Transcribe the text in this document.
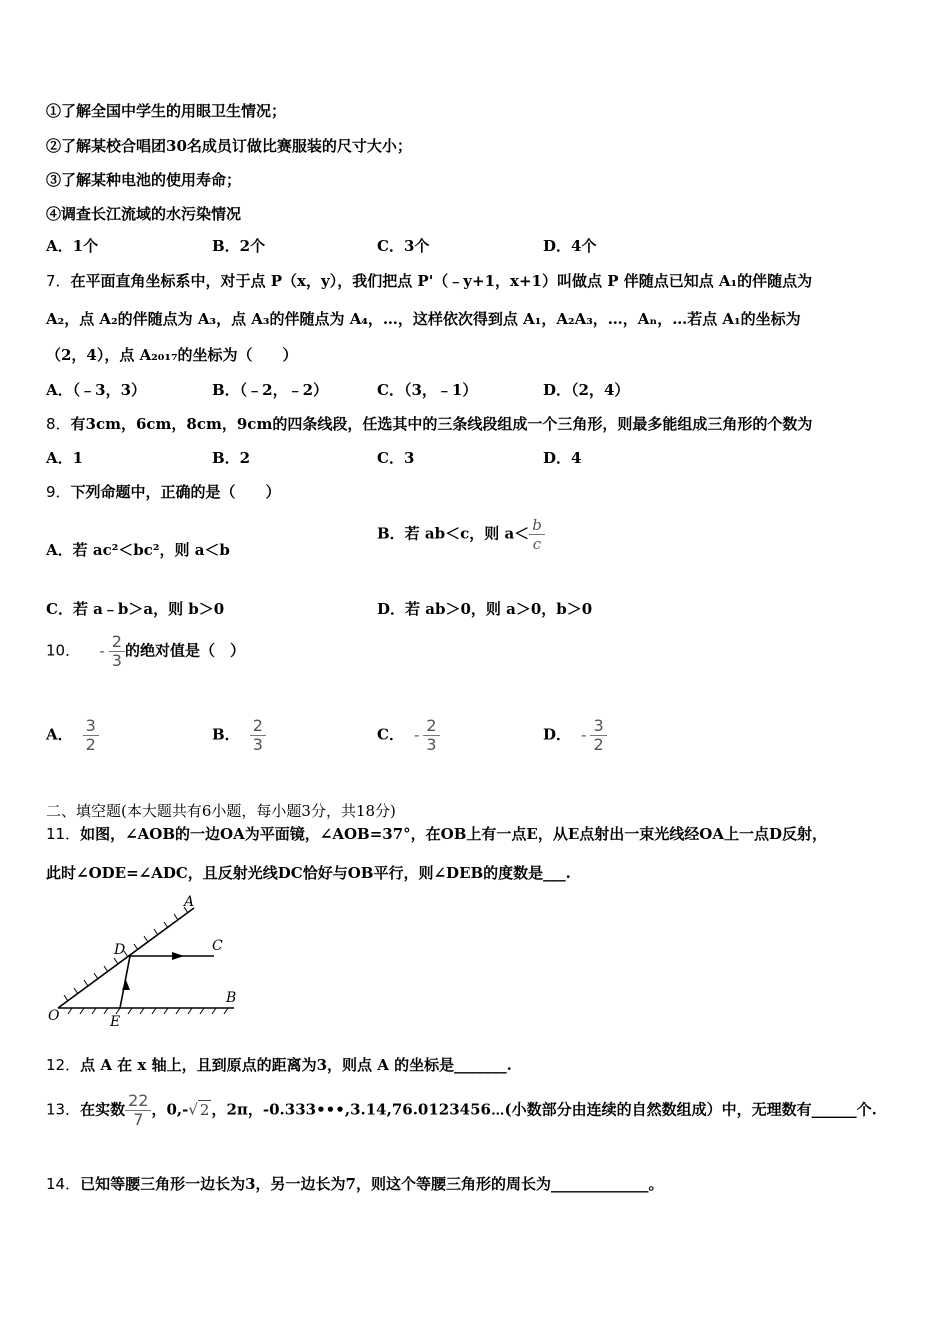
①了解全国中学生的用眼卫生情况；
②了解某校合唱团30名成员订做比赛服装的尺寸大小；
③了解某种电池的使用寿命；
④调查长江流域的水污染情况
A．1个	B．2个	C．3个	D．4个
7．在平面直角坐标系中，对于点 P（x，y），我们把点 P'（﹣y+1，x+1）叫做点 P 伴随点已知点 A₁的伴随点为
A₂，点 A₂的伴随点为 A₃，点 A₃的伴随点为 A₄，…，这样依次得到点 A₁，A₂A₃，…，Aₙ，…若点 A₁的坐标为
（2，4），点 A₂₀₁₇的坐标为（　　）
A．（﹣3，3）	B．（﹣2，﹣2）	C．（3，﹣1）	D．（2，4）
8．有3cm，6cm，8cm，9cm的四条线段，任选其中的三条线段组成一个三角形，则最多能组成三角形的个数为
A．1	B．2	C．3	D．4
9．下列命题中，正确的是（　　）
A．若 ac²＜bc²，则 a＜b
B．若 ab＜c，则 $a< \frac{b}{c}$
C．若 a﹣b＞a，则 b＞0	D．若 ab＞0，则 a＞0，b＞0
10． - $\frac{2}{3}$ 的绝对值是（　）
A． $\frac{3}{2}$	B． $\frac{2}{3}$	C． - $\frac{2}{3}$	D． - $\frac{3}{2}$
二、填空题(本大题共有6小题，每小题3分，共18分)
11．如图，∠AOB的一边OA为平面镜，∠AOB=37°，在OB上有一点E，从E点射出一束光线经OA上一点D反射，
此时∠ODE=∠ADC，且反射光线DC恰好与OB平行，则∠DEB的度数是___.
A
B
C
D
E
O
12．点 A 在 x 轴上，且到原点的距离为3，则点 A 的坐标是_______.
13．在实数 $\frac{22}{7}$ ，0,-√ 2 ，2π，-0.333•••,3.14,76.0123456⋯(小数部分由连续的自然数组成）中，无理数有______个.
14．已知等腰三角形一边长为3，另一边长为7，则这个等腰三角形的周长为_____________。
